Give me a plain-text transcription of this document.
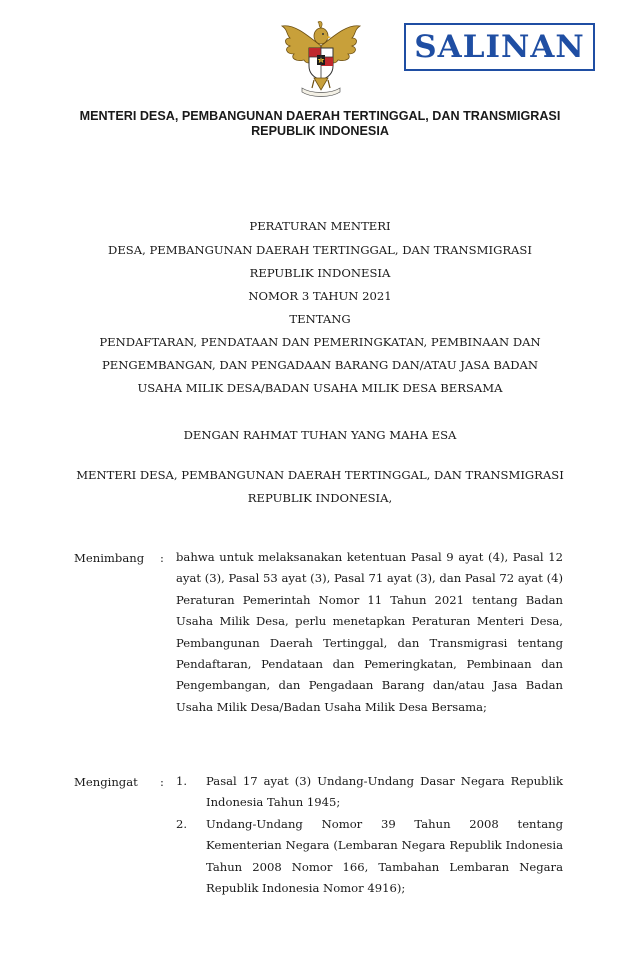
SALINAN
MENTERI DESA, PEMBANGUNAN DAERAH TERTINGGAL, DAN TRANSMIGRASI
REPUBLIK INDONESIA
PERATURAN MENTERI
DESA, PEMBANGUNAN DAERAH TERTINGGAL, DAN TRANSMIGRASI
REPUBLIK INDONESIA
NOMOR 3 TAHUN 2021
TENTANG
PENDAFTARAN, PENDATAAN DAN PEMERINGKATAN, PEMBINAAN DAN
PENGEMBANGAN, DAN PENGADAAN BARANG DAN/ATAU JASA BADAN
USAHA MILIK DESA/BADAN USAHA MILIK DESA BERSAMA
DENGAN RAHMAT TUHAN YANG MAHA ESA
MENTERI DESA, PEMBANGUNAN DAERAH TERTINGGAL, DAN TRANSMIGRASI
REPUBLIK INDONESIA,
Menimbang : bahwa untuk melaksanakan ketentuan Pasal 9 ayat (4), Pasal 12 ayat (3), Pasal 53 ayat (3), Pasal 71 ayat (3), dan Pasal 72 ayat (4) Peraturan Pemerintah Nomor 11 Tahun 2021 tentang Badan Usaha Milik Desa, perlu menetapkan Peraturan Menteri Desa, Pembangunan Daerah Tertinggal, dan Transmigrasi tentang Pendaftaran, Pendataan dan Pemeringkatan, Pembinaan dan Pengembangan, dan Pengadaan Barang dan/atau Jasa Badan Usaha Milik Desa/Badan Usaha Milik Desa Bersama;
Mengingat : 1. Pasal 17 ayat (3) Undang-Undang Dasar Negara Republik Indonesia Tahun 1945;
2. Undang-Undang Nomor 39 Tahun 2008 tentang Kementerian Negara (Lembaran Negara Republik Indonesia Tahun 2008 Nomor 166, Tambahan Lembaran Negara Republik Indonesia Nomor 4916);
